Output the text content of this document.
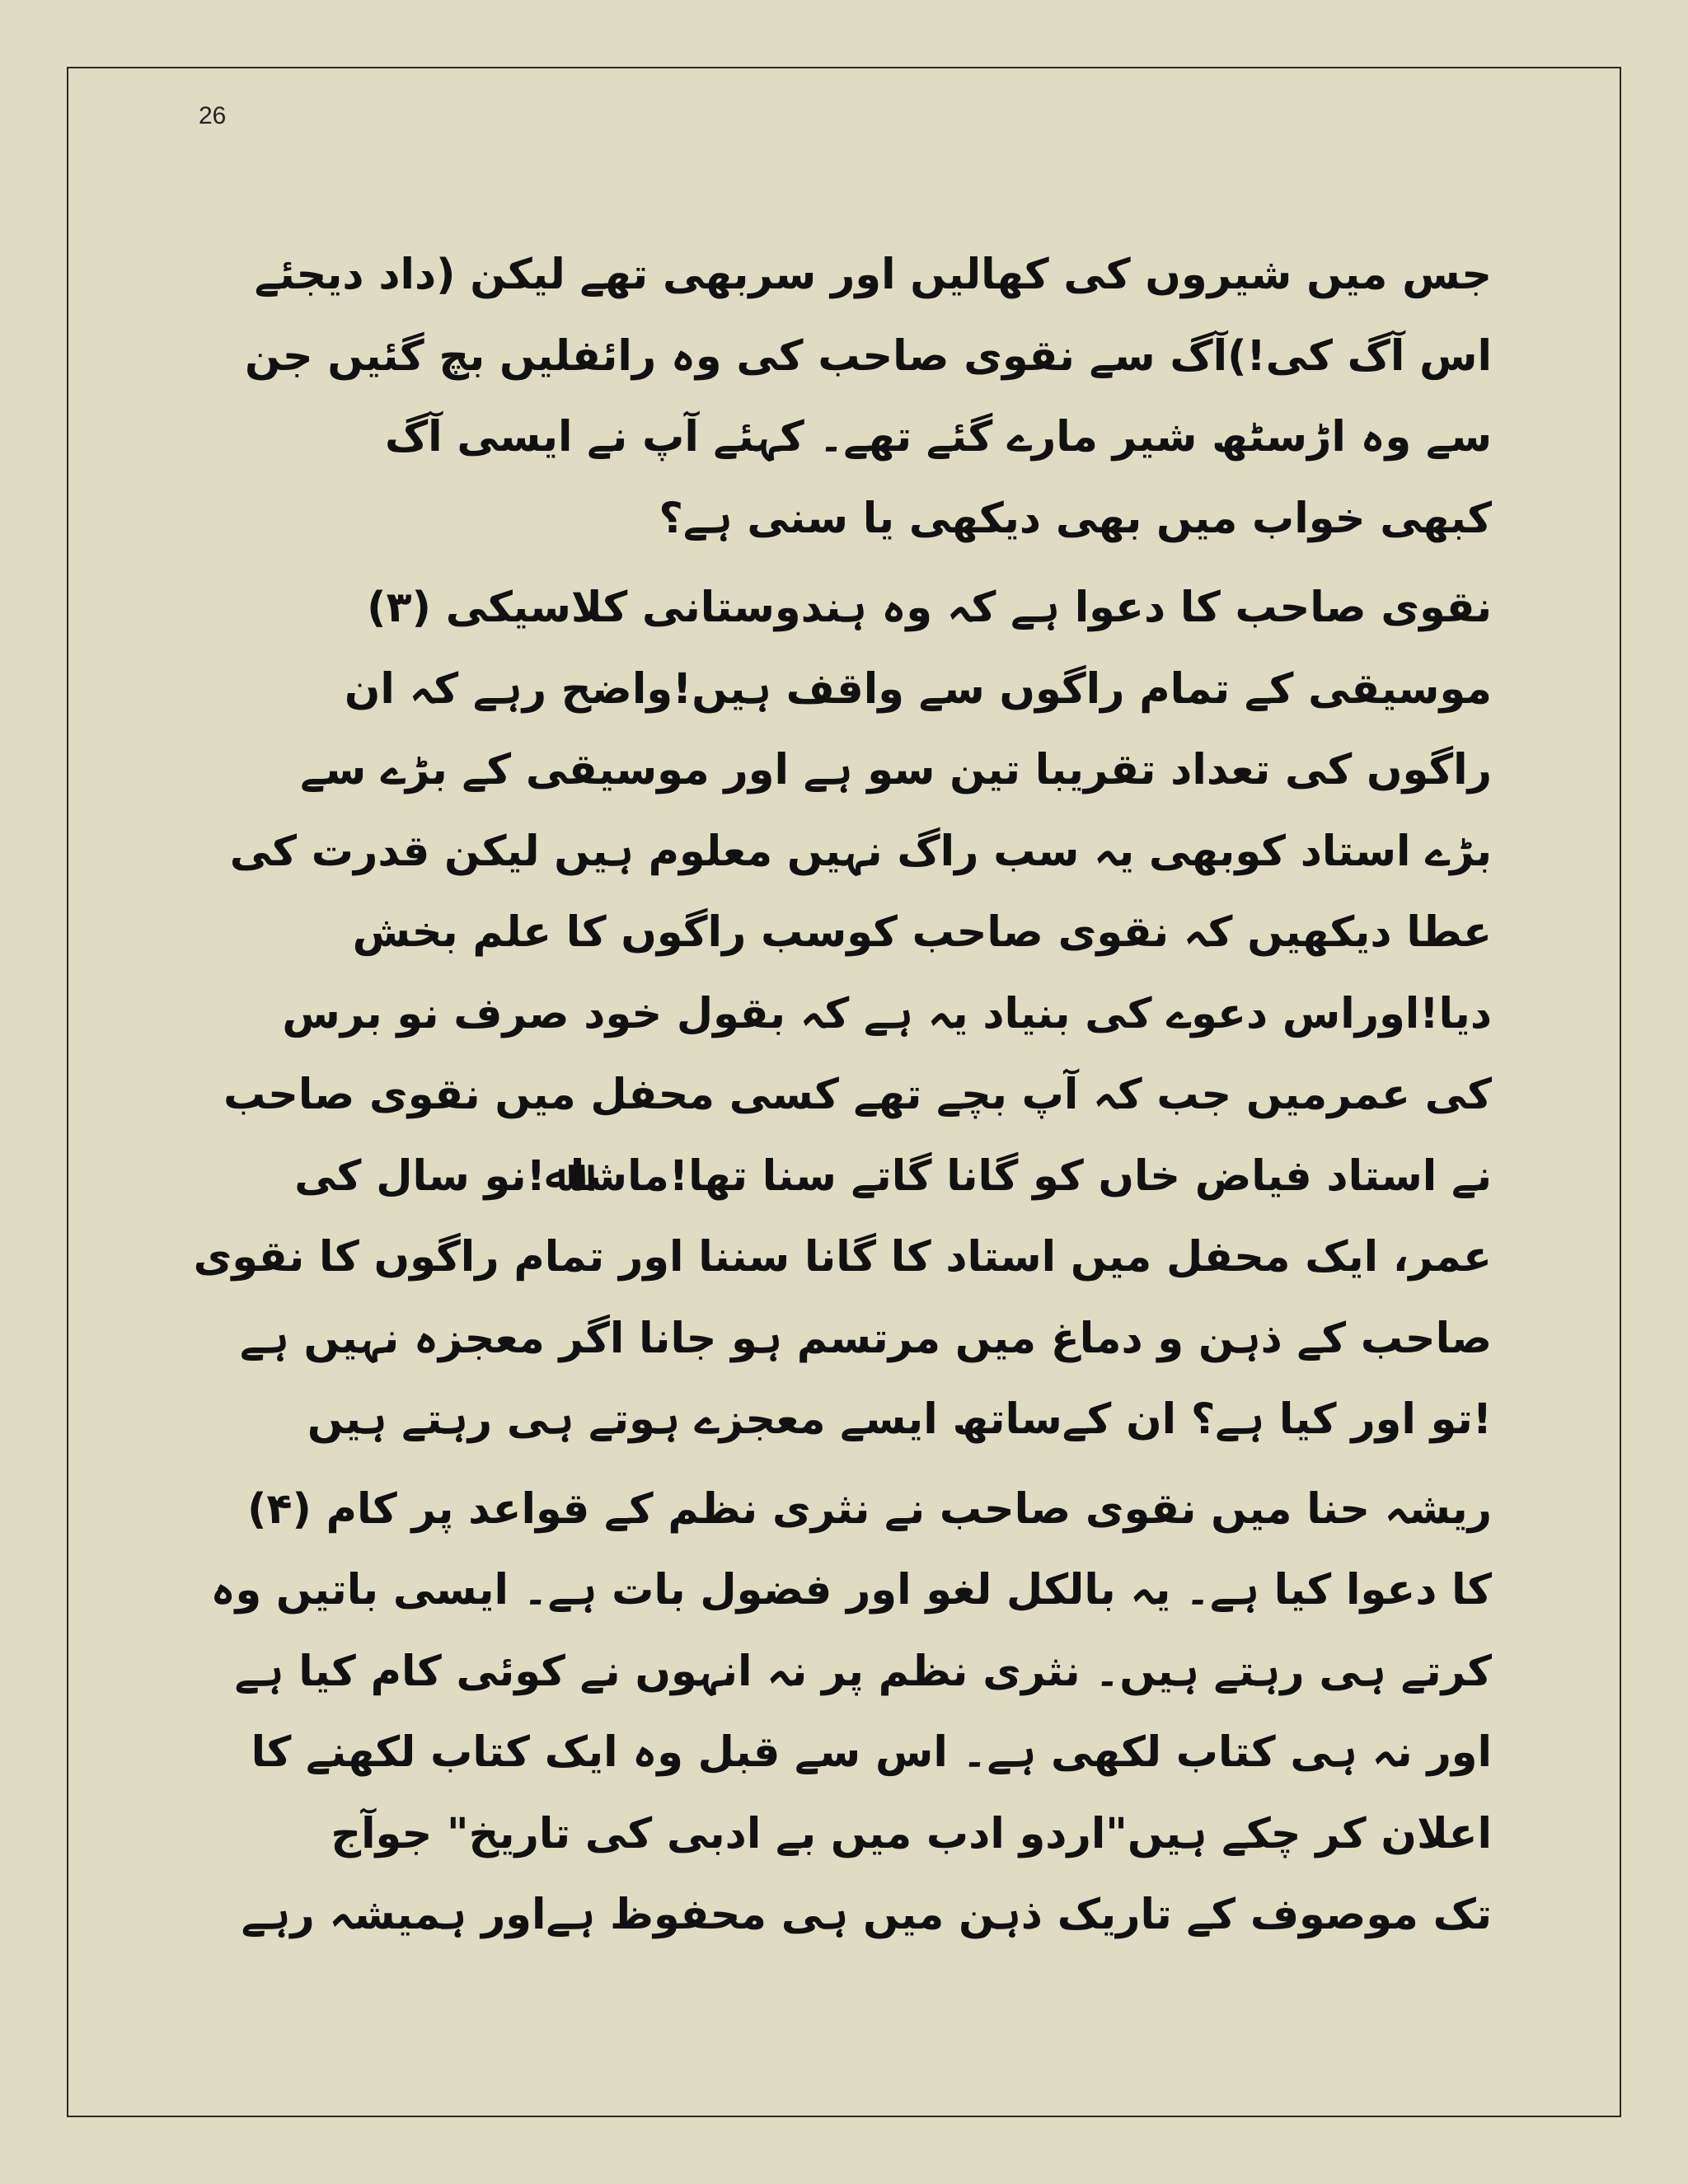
26
جس میں شیروں کی کھالیں اور سربھی تھے لیکن (داد دیجئے
اس آگ کی!)آگ سے نقوی صاحب کی وہ رائفلیں بچ گئیں جن
سے وہ اڑسٹھ شیر مارے گئے تھے۔ کہئے آپ نے ایسی آگ
کبھی خواب میں بھی دیکھی یا سنی ہے؟
نقوی صاحب کا دعوا ہے کہ وہ ہندوستانی کلاسیکی (۳)
موسیقی کے تمام راگوں سے واقف ہیں!واضح رہے کہ ان
راگوں کی تعداد تقریبا تین سو ہے اور موسیقی کے بڑے سے
بڑے استاد کوبھی یہ سب راگ نہیں معلوم ہیں لیکن قدرت کی
عطا دیکھیں کہ نقوی صاحب کوسب راگوں کا علم بخش
دیا!اوراس دعوے کی بنیاد یہ ہے کہ بقول خود صرف نو برس
کی عمرمیں جب کہ آپ بچے تھے کسی محفل میں نقوی صاحب
نے استاد فیاض خاں کو گانا گاتے سنا تھا!ماشاﷲ!نو سال کی
عمر، ایک محفل میں استاد کا گانا سننا اور تمام راگوں کا نقوی
صاحب کے ذہن و دماغ میں مرتسم ہو جانا اگر معجزہ نہیں ہے
!تو اور کیا ہے؟ ان کےساتھ ایسے معجزے ہوتے ہی رہتے ہیں
ریشہ حنا میں نقوی صاحب نے نثری نظم کے قواعد پر کام (۴)
کا دعوا کیا ہے۔ یہ بالکل لغو اور فضول بات ہے۔ ایسی باتیں وہ
کرتے ہی رہتے ہیں۔ نثری نظم پر نہ انہوں نے کوئی کام کیا ہے
اور نہ ہی کتاب لکھی ہے۔ اس سے قبل وہ ایک کتاب لکھنے کا
اعلان کر چکے ہیں"اردو ادب میں بے ادبی کی تاریخ" جوآج
تک موصوف کے تاریک ذہن میں ہی محفوظ ہےاور ہمیشہ رہے
